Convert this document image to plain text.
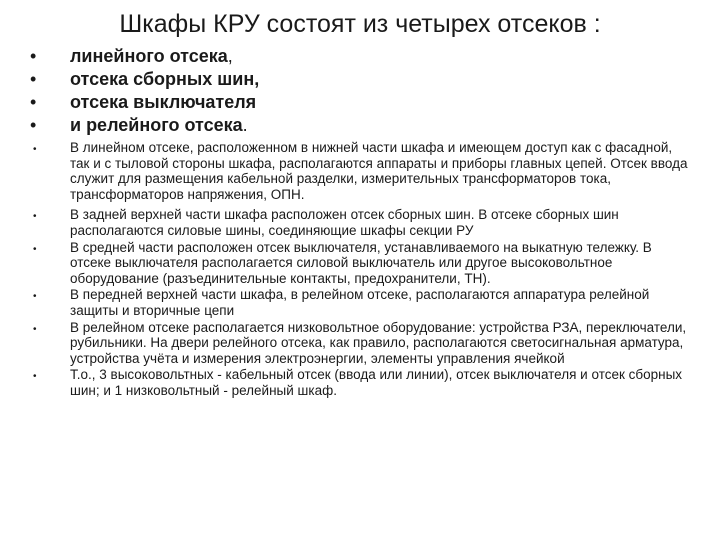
Шкафы КРУ состоят из четырех отсеков :
• линейного отсека,
• отсека сборных шин,
• отсека выключателя
• и релейного отсека.
• В линейном отсеке, расположенном в нижней части шкафа и имеющем доступ как с фасадной, так и с тыловой стороны шкафа, располагаются аппараты и приборы главных цепей. Отсек ввода служит для размещения кабельной разделки, измерительных трансформаторов тока, трансформаторов напряжения, ОПН.
• В задней верхней части шкафа расположен отсек сборных шин. В отсеке сборных шин располагаются силовые шины, соединяющие шкафы секции РУ
• В средней части расположен отсек выключателя, устанавливаемого на выкатную тележку. В отсеке выключателя располагается силовой выключатель или другое высоковольтное оборудование (разъединительные контакты, предохранители, ТН).
• В передней верхней части шкафа, в релейном отсеке, располагаются аппаратура релейной защиты и вторичные цепи
• В релейном отсеке располагается низковольтное оборудование: устройства РЗА, переключатели, рубильники. На двери релейного отсека, как правило, располагаются светосигнальная арматура, устройства учёта и измерения электроэнергии, элементы управления ячейкой
• Т.о., 3 высоковольтных - кабельный отсек (ввода или линии), отсек выключателя и отсек сборных шин; и 1 низковольтный - релейный шкаф.
